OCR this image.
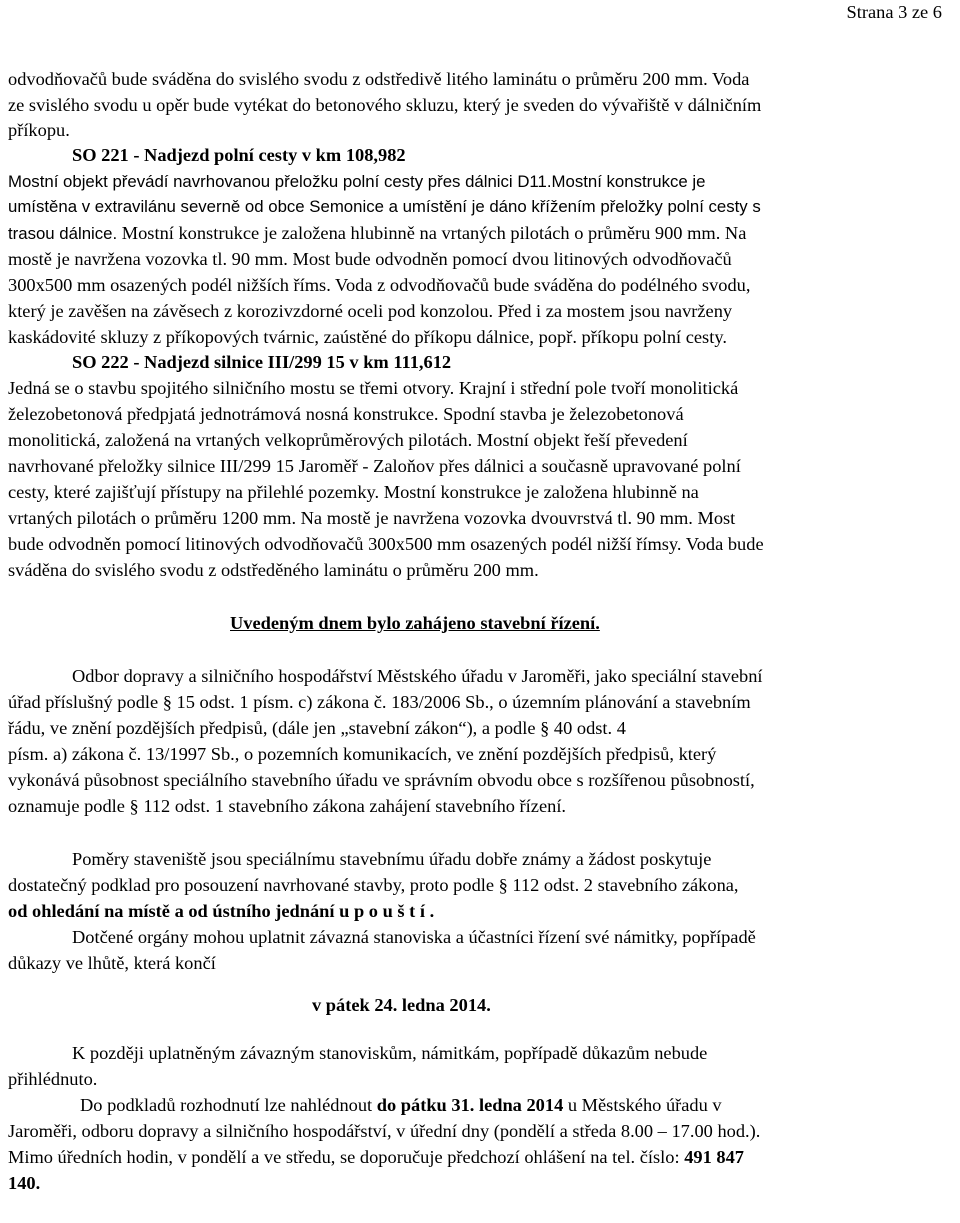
Strana 3 ze 6
odvodňovačů bude sváděna do svislého svodu z odstředivě litého laminátu o průměru 200 mm. Voda
ze svislého svodu u opěr bude vytékat do betonového skluzu, který je sveden do vývařiště v dálničním
příkopu.
SO 221 - Nadjezd polní cesty v km 108,982
Mostní objekt převádí navrhovanou přeložku polní cesty přes dálnici D11.Mostní konstrukce je
umístěna v extravilánu severně od obce Semonice a umístění je dáno křížením přeložky polní cesty s
trasou dálnice. Mostní konstrukce je založena hlubinně na vrtaných pilotách o průměru 900 mm. Na
mostě je navržena vozovka tl. 90 mm. Most bude odvodněn pomocí dvou litinových odvodňovačů
300x500 mm osazených podél nižších říms. Voda z odvodňovačů bude sváděna do podélného svodu,
který je zavěšen na závěsech z korozivzdorné oceli pod konzolou. Před i za mostem jsou navrženy
kaskádovité skluzy z příkopových tvárnic, zaústěné do příkopu dálnice, popř. příkopu polní cesty.
SO 222 - Nadjezd silnice III/299 15 v km 111,612
Jedná se o stavbu spojitého silničního mostu se třemi otvory. Krajní i střední pole tvoří monolitická
železobetonová předpjatá jednotrámová nosná konstrukce. Spodní stavba je železobetonová
monolitická, založená na vrtaných velkoprůměrových pilotách. Mostní objekt řeší převedení
navrhované přeložky silnice III/299 15 Jaroměř - Zaloňov přes dálnici a současně upravované polní
cesty, které zajišťují přístupy na přilehlé pozemky. Mostní konstrukce je založena hlubinně na
vrtaných pilotách o průměru 1200 mm. Na mostě je navržena vozovka dvouvrstvá tl. 90 mm. Most
bude odvodněn pomocí litinových odvodňovačů 300x500 mm osazených podél nižší římsy. Voda bude
sváděna do svislého svodu z odstředěného laminátu o průměru 200 mm.
Uvedeným dnem bylo zahájeno stavební řízení.
Odbor dopravy a silničního hospodářství Městského úřadu v Jaroměři, jako speciální stavební
úřad příslušný podle § 15 odst. 1 písm. c) zákona č. 183/2006 Sb., o územním plánování a stavebním
řádu, ve znění pozdějších předpisů, (dále jen „stavební zákon“), a podle § 40 odst. 4
písm. a) zákona č. 13/1997 Sb., o pozemních komunikacích, ve znění pozdějších předpisů, který
vykonává působnost speciálního stavebního úřadu ve správním obvodu obce s rozšířenou působností,
oznamuje podle § 112 odst. 1 stavebního zákona zahájení stavebního řízení.
Poměry staveniště jsou speciálnímu stavebnímu úřadu dobře známy a žádost poskytuje
dostatečný podklad pro posouzení navrhované stavby, proto podle § 112 odst. 2 stavebního zákona,
od ohledání na místě a od ústního jednání u p o u š t í .
Dotčené orgány mohou uplatnit závazná stanoviska a účastníci řízení své námitky, popřípadě
důkazy ve lhůtě, která končí
v pátek 24. ledna 2014.
K později uplatněným závazným stanoviskům, námitkám, popřípadě důkazům nebude
přihlédnuto.
Do podkladů rozhodnutí lze nahlédnout do pátku 31. ledna 2014 u Městského úřadu v
Jaroměři, odboru dopravy a silničního hospodářství, v úřední dny (pondělí a středa 8.00 – 17.00 hod.).
Mimo úředních hodin, v pondělí a ve středu, se doporučuje předchozí ohlášení na tel. číslo: 491 847
140.
